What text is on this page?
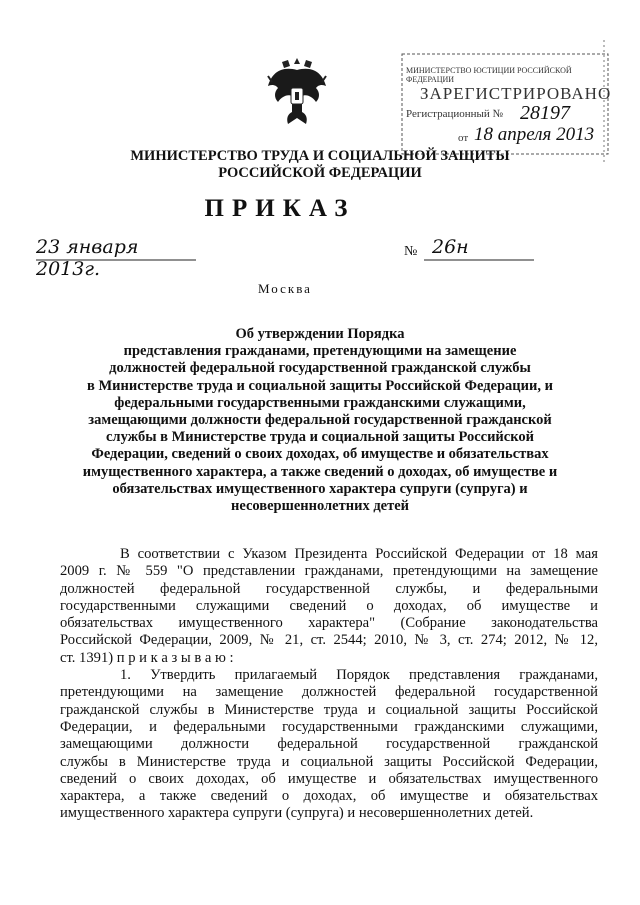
МИНИСТЕРСТВО ЮСТИЦИИ РОССИЙСКОЙ ФЕДЕРАЦИИ
ЗАРЕГИСТРИРОВАНО
Регистрационный № 28197
от 18 апреля 2013
МИНИСТЕРСТВО ТРУДА И СОЦИАЛЬНОЙ ЗАЩИТЫ
РОССИЙСКОЙ ФЕДЕРАЦИИ
ПРИКАЗ
23 января 2013г.
№ 26н
Москва
Об утверждении Порядка
представления гражданами, претендующими на замещение
должностей федеральной государственной гражданской службы
в Министерстве труда и социальной защиты Российской Федерации, и
федеральными государственными гражданскими служащими,
замещающими должности федеральной государственной гражданской
службы в Министерстве труда и социальной защиты Российской
Федерации, сведений о своих доходах, об имуществе и обязательствах
имущественного характера, а также сведений о доходах, об имуществе и
обязательствах имущественного характера супруги (супруга) и
несовершеннолетних детей
В соответствии с Указом Президента Российской Федерации от 18 мая
2009 г. № 559 "О представлении гражданами, претендующими на замещение
должностей федеральной государственной службы, и федеральными
государственными служащими сведений о доходах, об имуществе и
обязательствах имущественного характера" (Собрание законодательства
Российской Федерации, 2009, № 21, ст. 2544; 2010, № 3, ст. 274; 2012, № 12,
ст. 1391) п р и к а з ы в а ю :
1. Утвердить прилагаемый Порядок представления гражданами,
претендующими на замещение должностей федеральной государственной
гражданской службы в Министерстве труда и социальной защиты Российской
Федерации, и федеральными государственными гражданскими служащими,
замещающими должности федеральной государственной гражданской
службы в Министерстве труда и социальной защиты Российской Федерации,
сведений о своих доходах, об имуществе и обязательствах имущественного
характера, а также сведений о доходах, об имуществе и обязательствах
имущественного характера супруги (супруга) и несовершеннолетних детей.
